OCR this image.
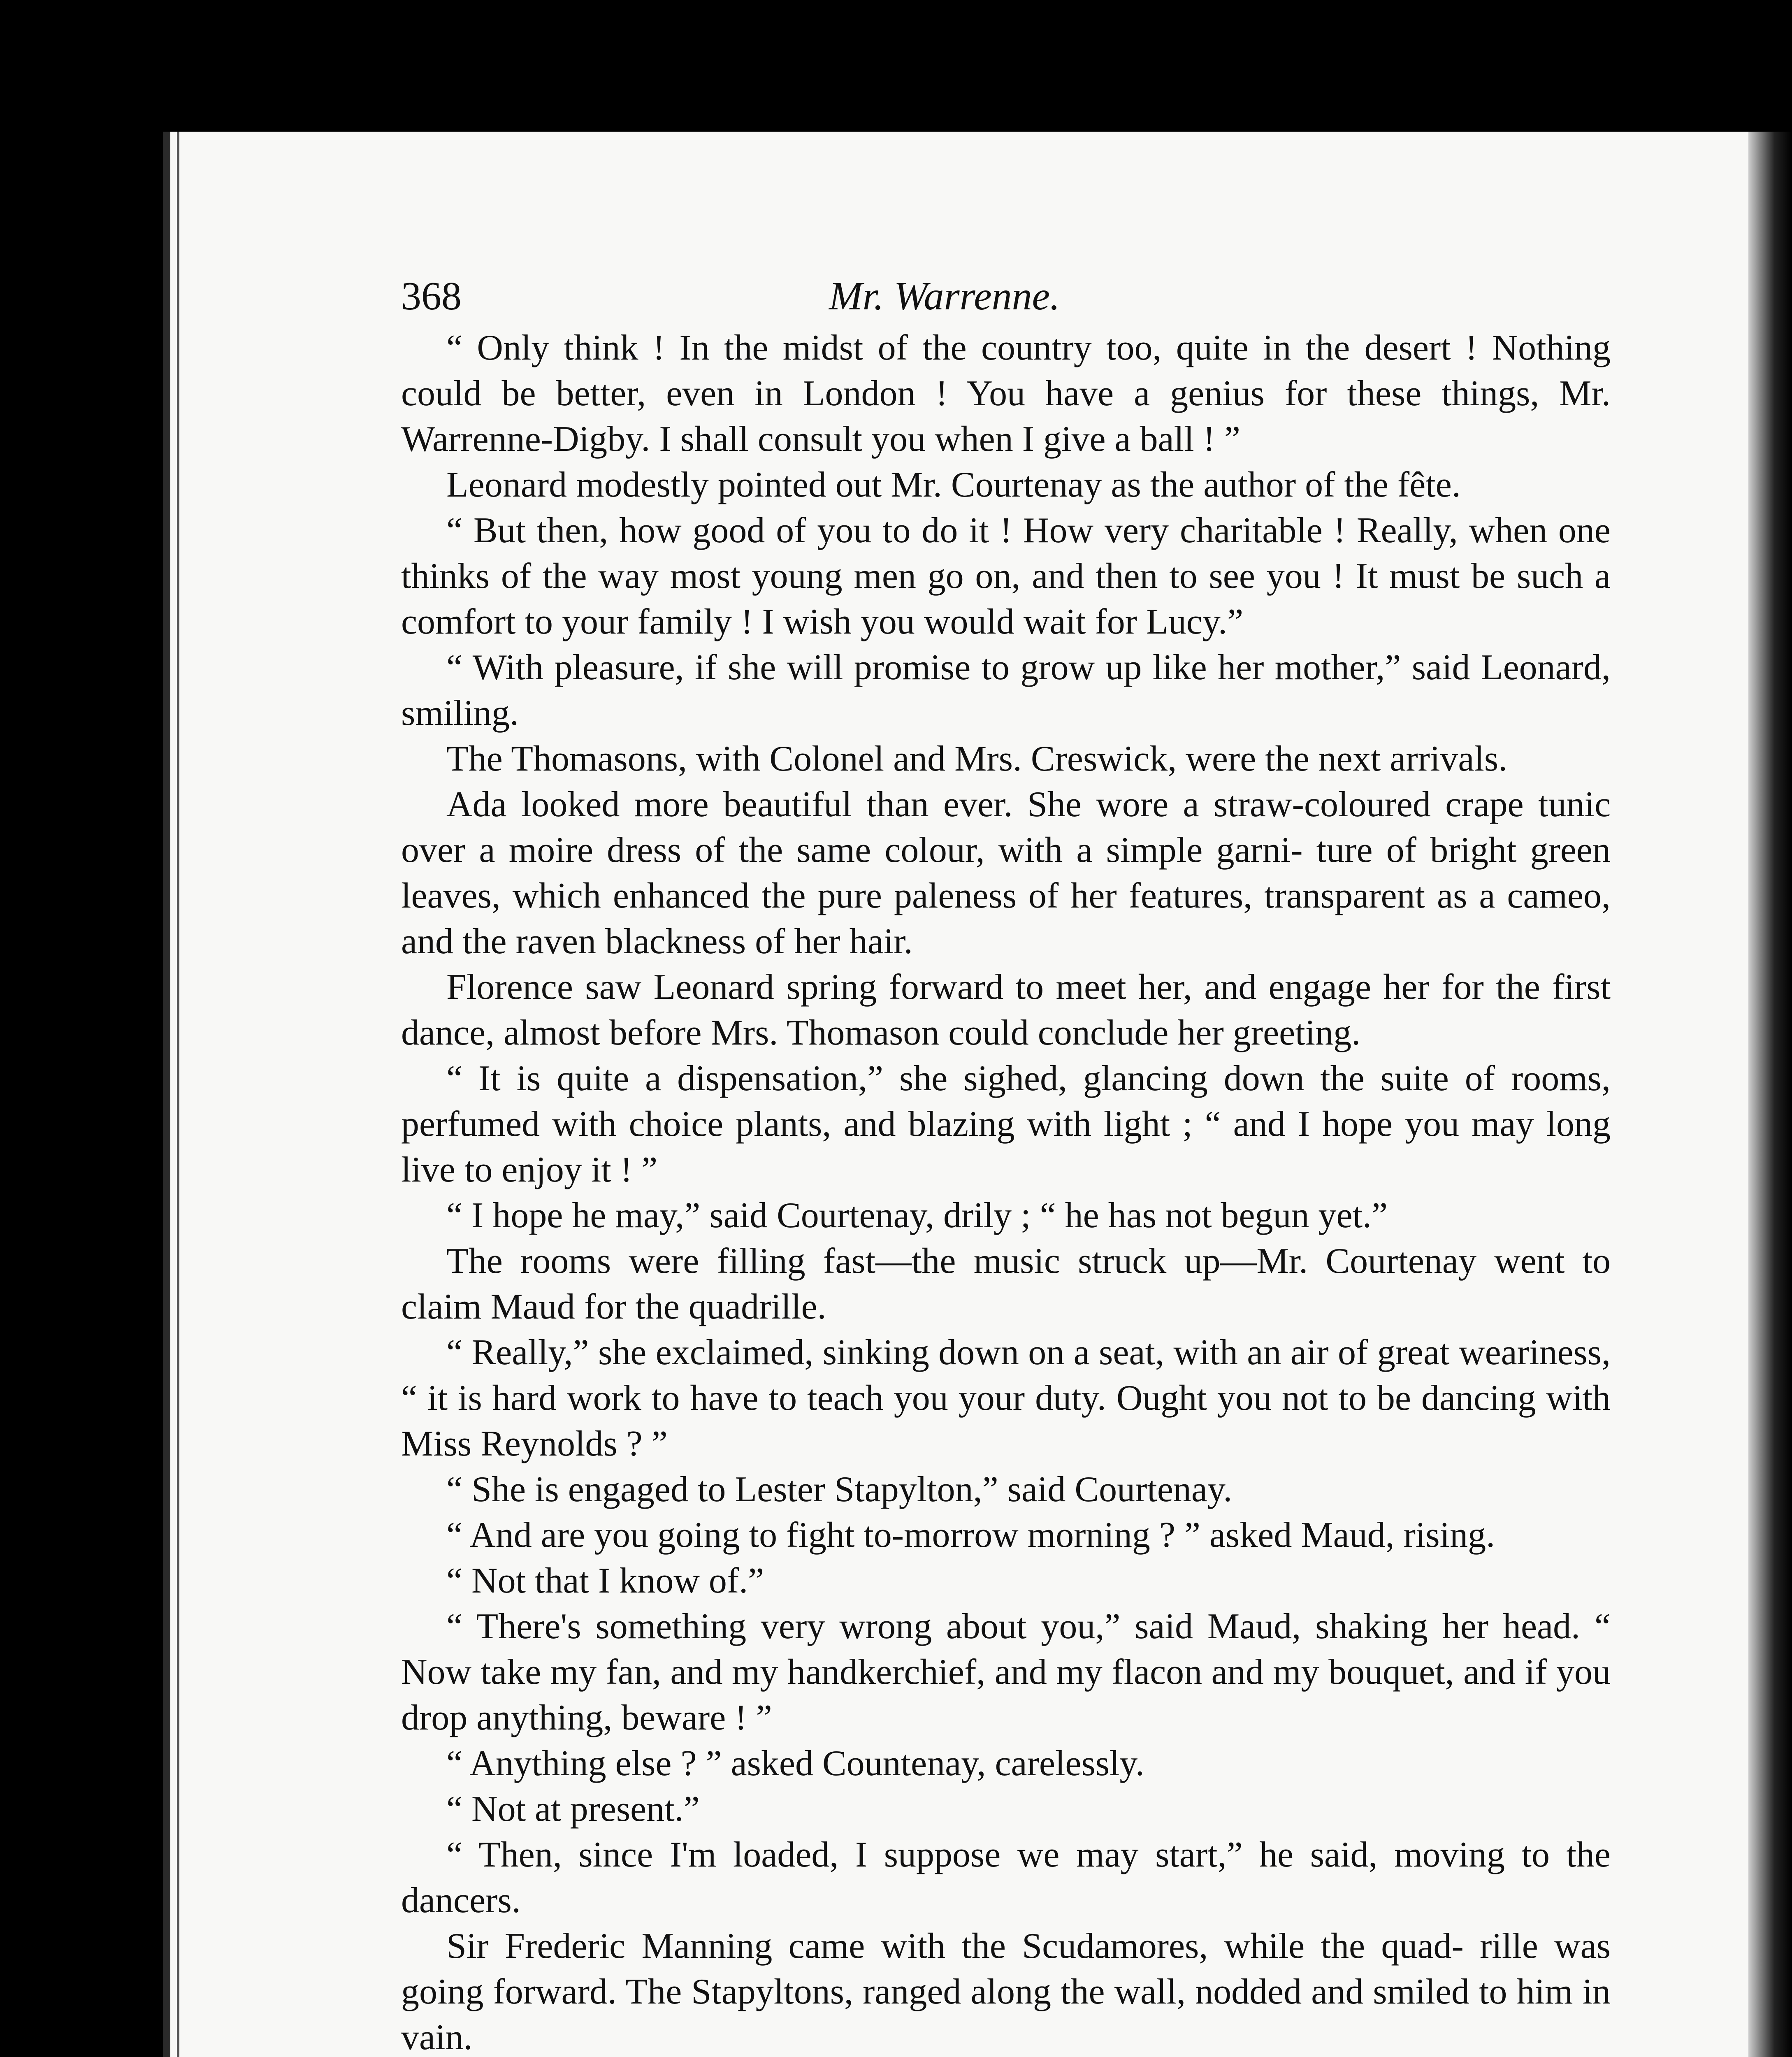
368	Mr. Warrenne.

“ Only think ! In the midst of the country too, quite in the desert ! Nothing could be better, even in London ! You have a genius for these things, Mr. Warrenne-Digby. I shall consult you when I give a ball ! ”

Leonard modestly pointed out Mr. Courtenay as the author of the fête.

“ But then, how good of you to do it ! How very charitable ! Really, when one thinks of the way most young men go on, and then to see you ! It must be such a comfort to your family ! I wish you would wait for Lucy.”

“ With pleasure, if she will promise to grow up like her mother,” said Leonard, smiling.

The Thomasons, with Colonel and Mrs. Creswick, were the next arrivals.

Ada looked more beautiful than ever. She wore a straw-coloured crape tunic over a moire dress of the same colour, with a simple garni- ture of bright green leaves, which enhanced the pure paleness of her features, transparent as a cameo, and the raven blackness of her hair.

Florence saw Leonard spring forward to meet her, and engage her for the first dance, almost before Mrs. Thomason could conclude her greeting.

“ It is quite a dispensation,” she sighed, glancing down the suite of rooms, perfumed with choice plants, and blazing with light ; “ and I hope you may long live to enjoy it ! ”

“ I hope he may,” said Courtenay, drily ; “ he has not begun yet.”

The rooms were filling fast—the music struck up—Mr. Courtenay went to claim Maud for the quadrille.

“ Really,” she exclaimed, sinking down on a seat, with an air of great weariness, “ it is hard work to have to teach you your duty. Ought you not to be dancing with Miss Reynolds ? ”

“ She is engaged to Lester Stapylton,” said Courtenay.

“ And are you going to fight to-morrow morning ? ” asked Maud, rising.

“ Not that I know of.”

“ There's something very wrong about you,” said Maud, shaking her head. “ Now take my fan, and my handkerchief, and my flacon and my bouquet, and if you drop anything, beware ! ”

“ Anything else ? ” asked Countenay, carelessly.

“ Not at present.”

“ Then, since I'm loaded, I suppose we may start,” he said, moving to the dancers.

Sir Frederic Manning came with the Scudamores, while the quad- rille was going forward. The Stapyltons, ranged along the wall, nodded and smiled to him in vain.
